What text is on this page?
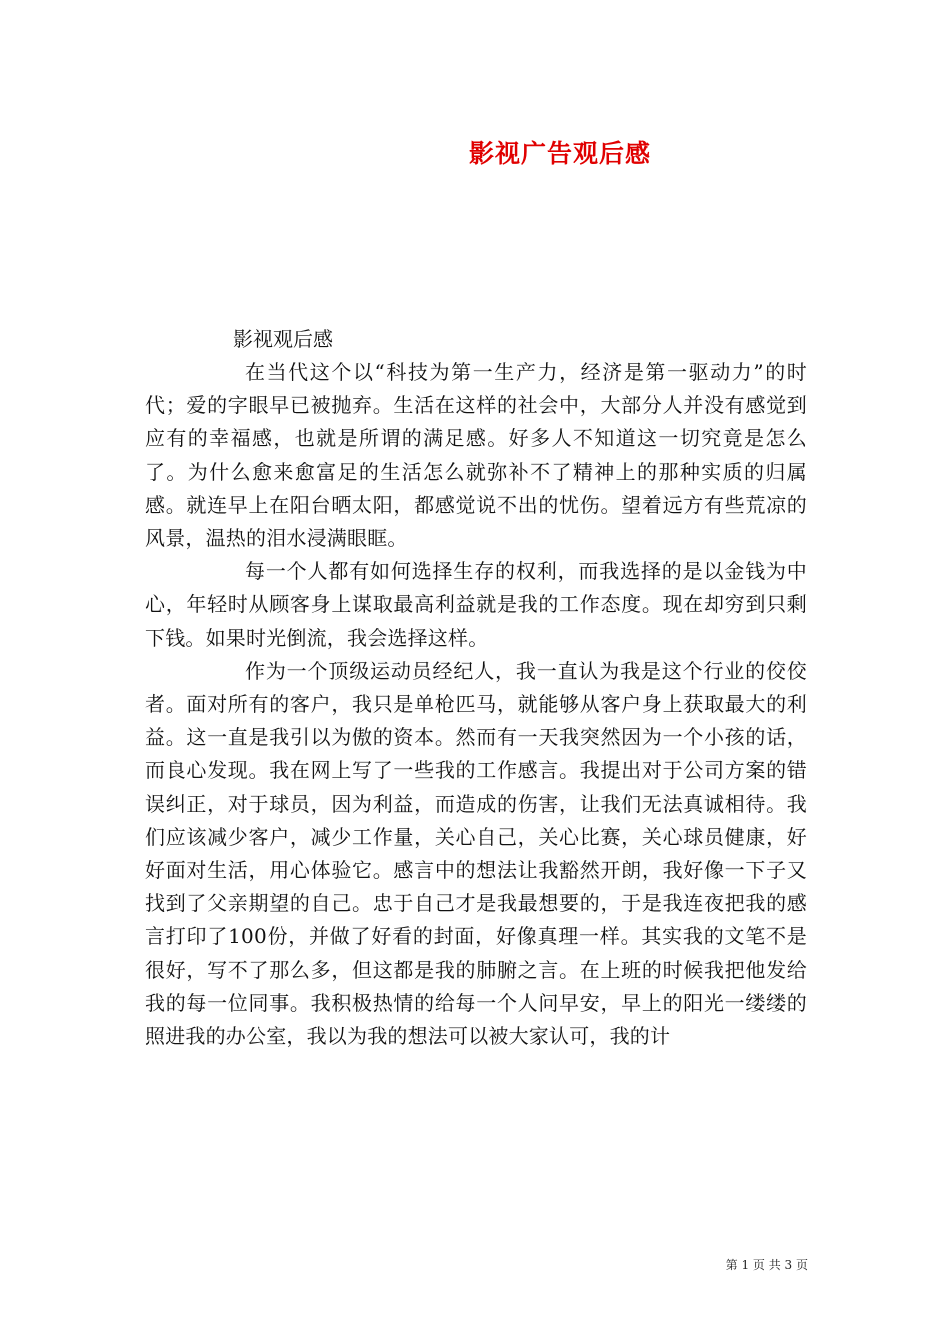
影视广告观后感

影视观后感

在当代这个以“科技为第一生产力，经济是第一驱动力”的时代；爱的字眼早已被抛弃。生活在这样的社会中，大部分人并没有感觉到应有的幸福感，也就是所谓的满足感。好多人不知道这一切究竟是怎么了。为什么愈来愈富足的生活怎么就弥补不了精神上的那种实质的归属感。就连早上在阳台晒太阳，都感觉说不出的忧伤。望着远方有些荒凉的风景，温热的泪水浸满眼眶。

每一个人都有如何选择生存的权利，而我选择的是以金钱为中心，年轻时从顾客身上谋取最高利益就是我的工作态度。现在却穷到只剩下钱。如果时光倒流，我会选择这样。

作为一个顶级运动员经纪人，我一直认为我是这个行业的佼佼者。面对所有的客户，我只是单枪匹马，就能够从客户身上获取最大的利益。这一直是我引以为傲的资本。然而有一天我突然因为一个小孩的话，而良心发现。我在网上写了一些我的工作感言。我提出对于公司方案的错误纠正，对于球员，因为利益，而造成的伤害，让我们无法真诚相待。我们应该减少客户，减少工作量，关心自己，关心比赛，关心球员健康，好好面对生活，用心体验它。感言中的想法让我豁然开朗，我好像一下子又找到了父亲期望的自己。忠于自己才是我最想要的，于是我连夜把我的感言打印了100份，并做了好看的封面，好像真理一样。其实我的文笔不是很好，写不了那么多，但这都是我的肺腑之言。在上班的时候我把他发给我的每一位同事。我积极热情的给每一个人问早安，早上的阳光一缕缕的照进我的办公室，我以为我的想法可以被大家认可，我的计

第 1 页 共 3 页
